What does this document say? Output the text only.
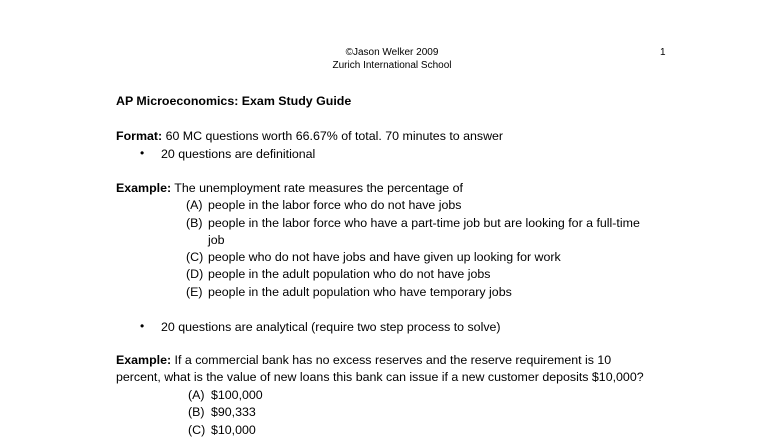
©Jason Welker 2009
Zurich International School
1
AP Microeconomics: Exam Study Guide
Format: 60 MC questions worth 66.67% of total. 70 minutes to answer
• 20 questions are definitional
Example: The unemployment rate measures the percentage of
(A) people in the labor force who do not have jobs
(B) people in the labor force who have a part-time job but are looking for a full-time
job
(C) people who do not have jobs and have given up looking for work
(D) people in the adult population who do not have jobs
(E) people in the adult population who have temporary jobs
• 20 questions are analytical (require two step process to solve)
Example: If a commercial bank has no excess reserves and the reserve requirement is 10
percent, what is the value of new loans this bank can issue if a new customer deposits $10,000?
(A) $100,000
(B) $90,333
(C) $10,000
